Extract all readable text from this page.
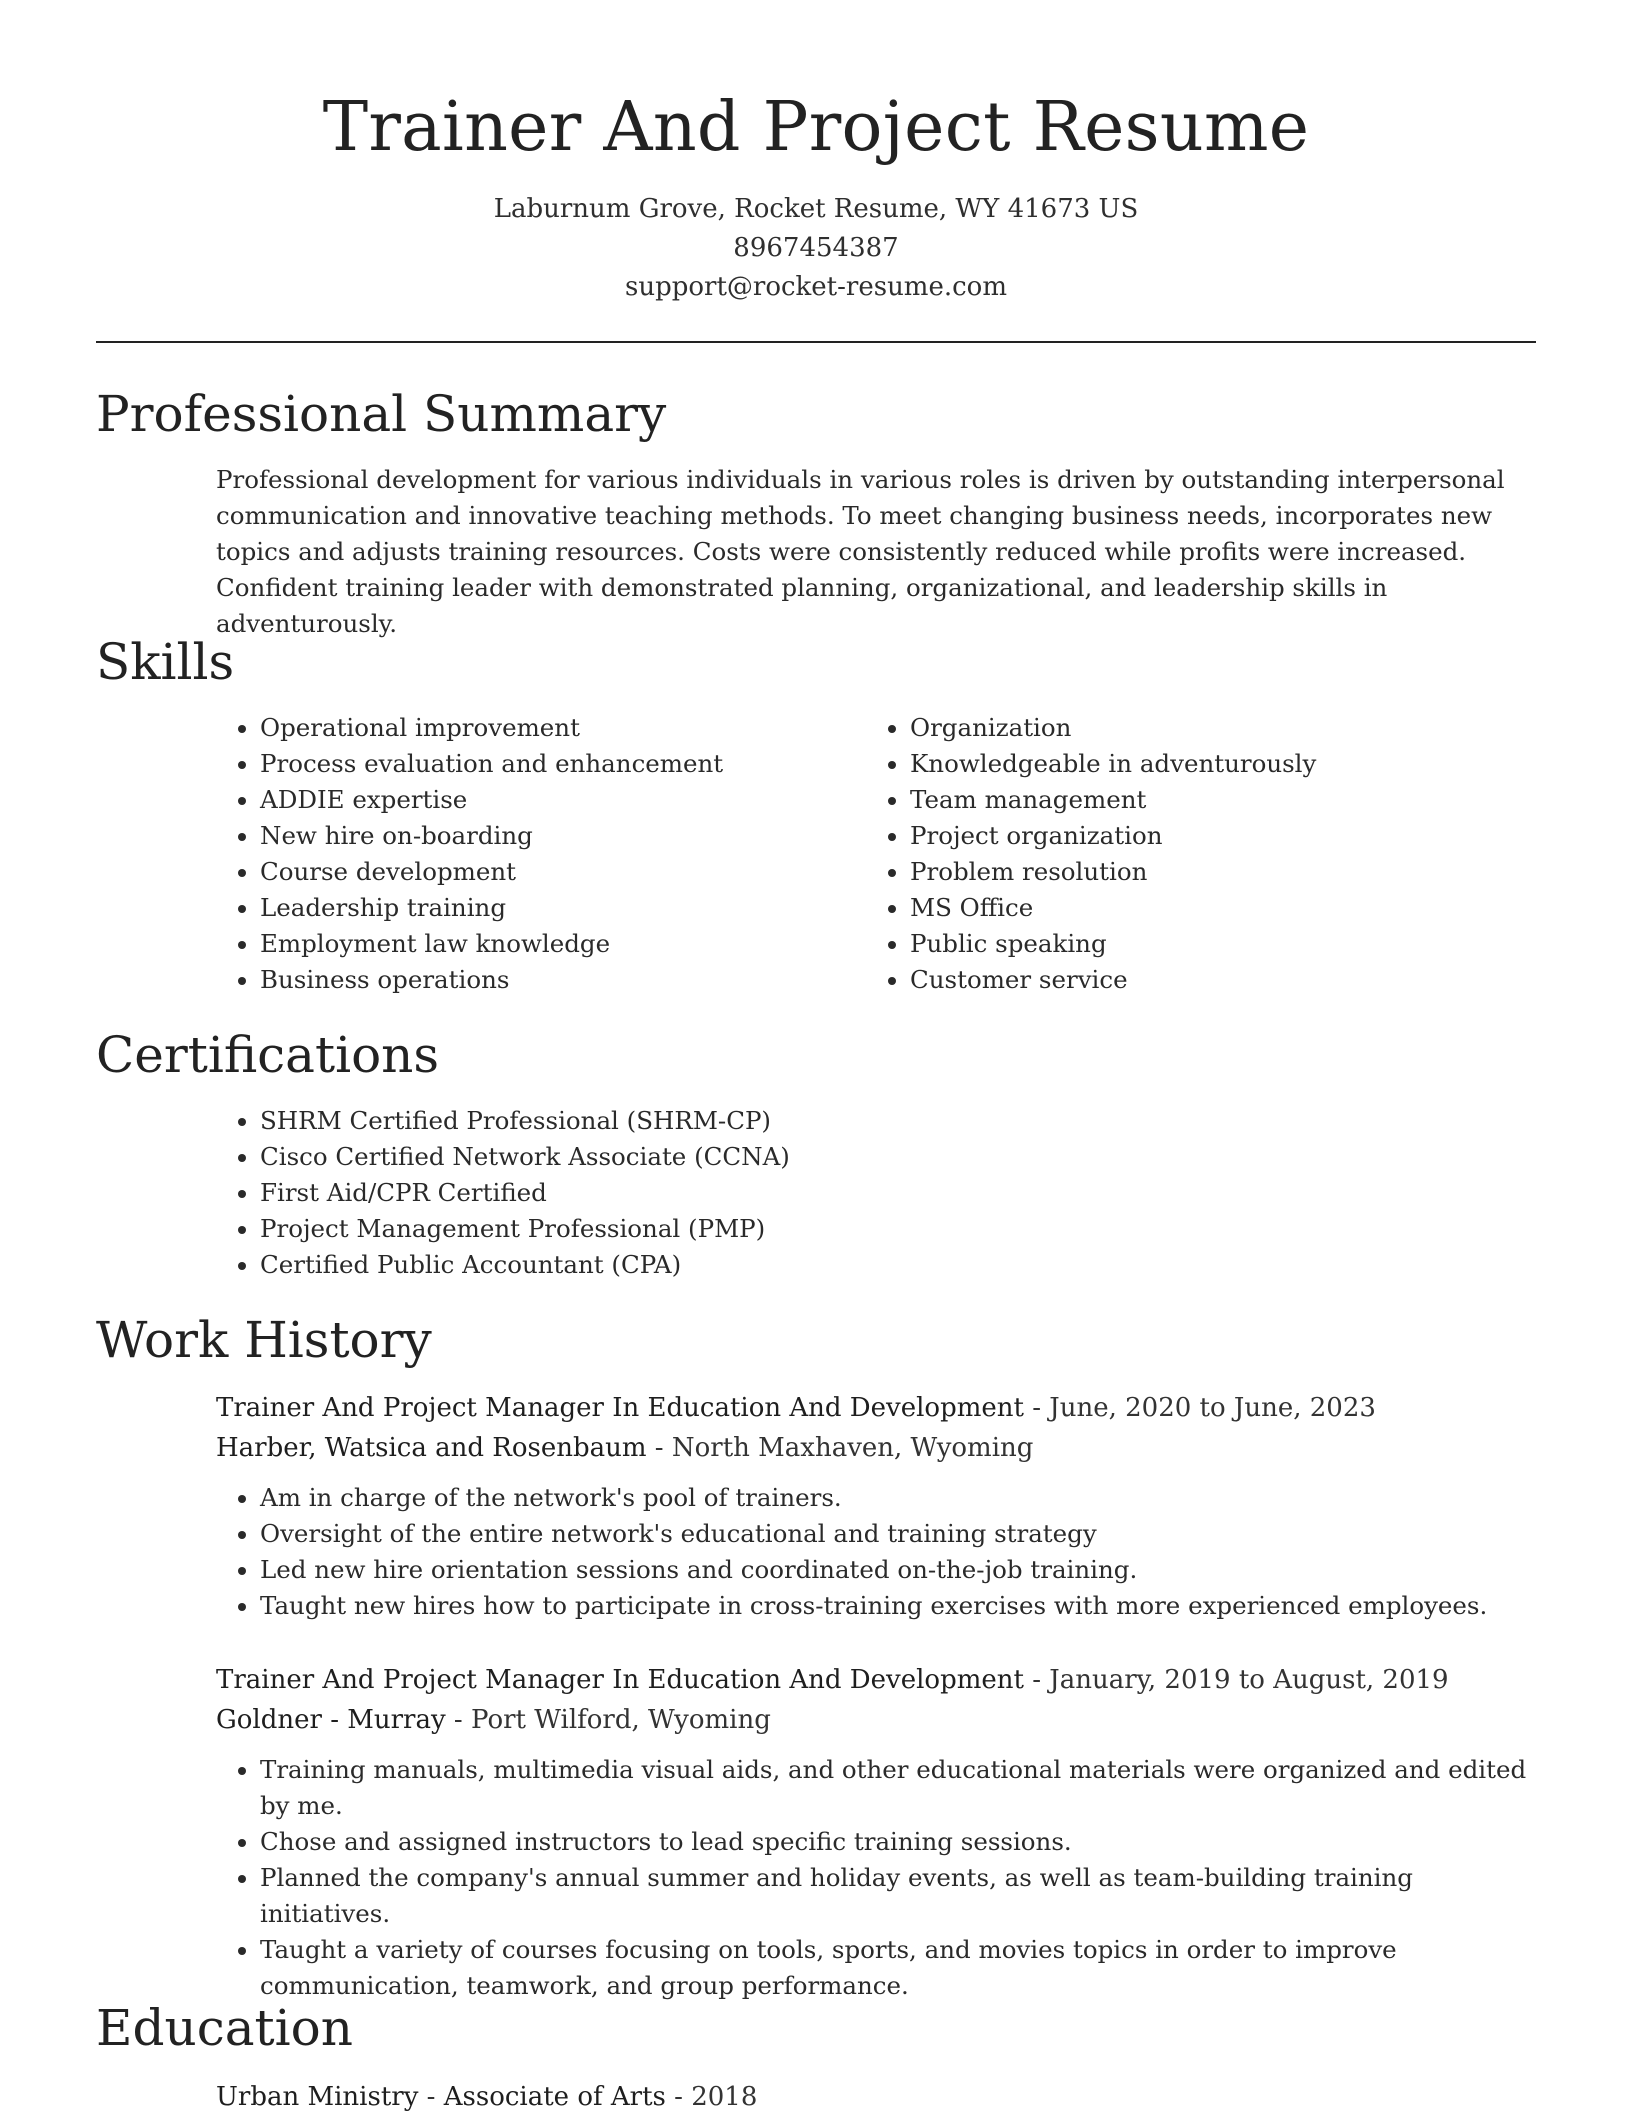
Trainer And Project Resume
Laburnum Grove, Rocket Resume, WY 41673 US
8967454387
support@rocket-resume.com
Professional Summary

Professional development for various individuals in various roles is driven by outstanding interpersonal communication and innovative teaching methods. To meet changing business needs, incorporates new topics and adjusts training resources. Costs were consistently reduced while profits were increased. Confident training leader with demonstrated planning, organizational, and leadership skills in adventurously.

Skills
• Operational improvement
• Process evaluation and enhancement
• ADDIE expertise
• New hire on-boarding
• Course development
• Leadership training
• Employment law knowledge
• Business operations
• Organization
• Knowledgeable in adventurously
• Team management
• Project organization
• Problem resolution
• MS Office
• Public speaking
• Customer service
Certifications
• SHRM Certified Professional (SHRM-CP)
• Cisco Certified Network Associate (CCNA)
• First Aid/CPR Certified
• Project Management Professional (PMP)
• Certified Public Accountant (CPA)
Work History
Trainer And Project Manager In Education And Development - June, 2020 to June, 2023
Harber, Watsica and Rosenbaum - North Maxhaven, Wyoming
• Am in charge of the network's pool of trainers.
• Oversight of the entire network's educational and training strategy
• Led new hire orientation sessions and coordinated on-the-job training.
• Taught new hires how to participate in cross-training exercises with more experienced employees.
Trainer And Project Manager In Education And Development - January, 2019 to August, 2019
Goldner - Murray - Port Wilford, Wyoming
• Training manuals, multimedia visual aids, and other educational materials were organized and edited by me.
• Chose and assigned instructors to lead specific training sessions.
• Planned the company's annual summer and holiday events, as well as team-building training initiatives.
• Taught a variety of courses focusing on tools, sports, and movies topics in order to improve communication, teamwork, and group performance.
Education
Urban Ministry - Associate of Arts - 2018
